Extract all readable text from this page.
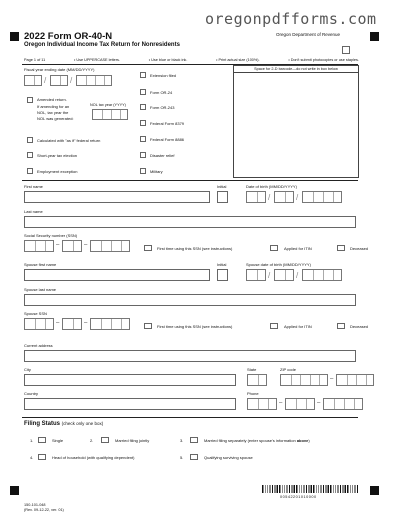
oregonpdfforms.com
2022 Form OR-40-N
Oregon Individual Income Tax Return for Nonresidents
Oregon Department of Revenue
Page 1 of 11	• Use UPPERCASE letters.	• Use blue or black ink.	• Print actual size (100%).	• Don't submit photocopies or use staples.
Fiscal year ending date (MM/DD/YYYY)
/	/
Amended return.
If amending for an
NOL, tax year the
NOL was generated:
NOL tax year (YYYY)
Calculated with "as if" federal return
Short-year tax election
Employment exception
Extension filed
Form OR-24
Form OR-243
Federal Form 8379
Federal Form 8886
Disaster relief
Military
Space for 2-D barcode—do not write in box below
First name	Initial	Date of birth (MM/DD/YYYY)
/	/
Last name
Social Security number (SSN)
–	–
First time using this SSN (see instructions)	Applied for ITIN	Deceased
Spouse first name	Initial	Spouse date of birth (MM/DD/YYYY)
/	/
Spouse last name
Spouse SSN
–	–
First time using this SSN (see instructions)	Applied for ITIN	Deceased
Current address
City	State	ZIP code
–
Country	Phone
–	–
Filing Status (check only one box)
1.	Single	2.	Married filing jointly	3.	Married filing separately (enter spouse's information above)
4.	Head of household (with qualifying dependent)	5.	Qualifying surviving spouse
150-101-048
(Rev. 09-12-22, ver. 01)
00542201010000
